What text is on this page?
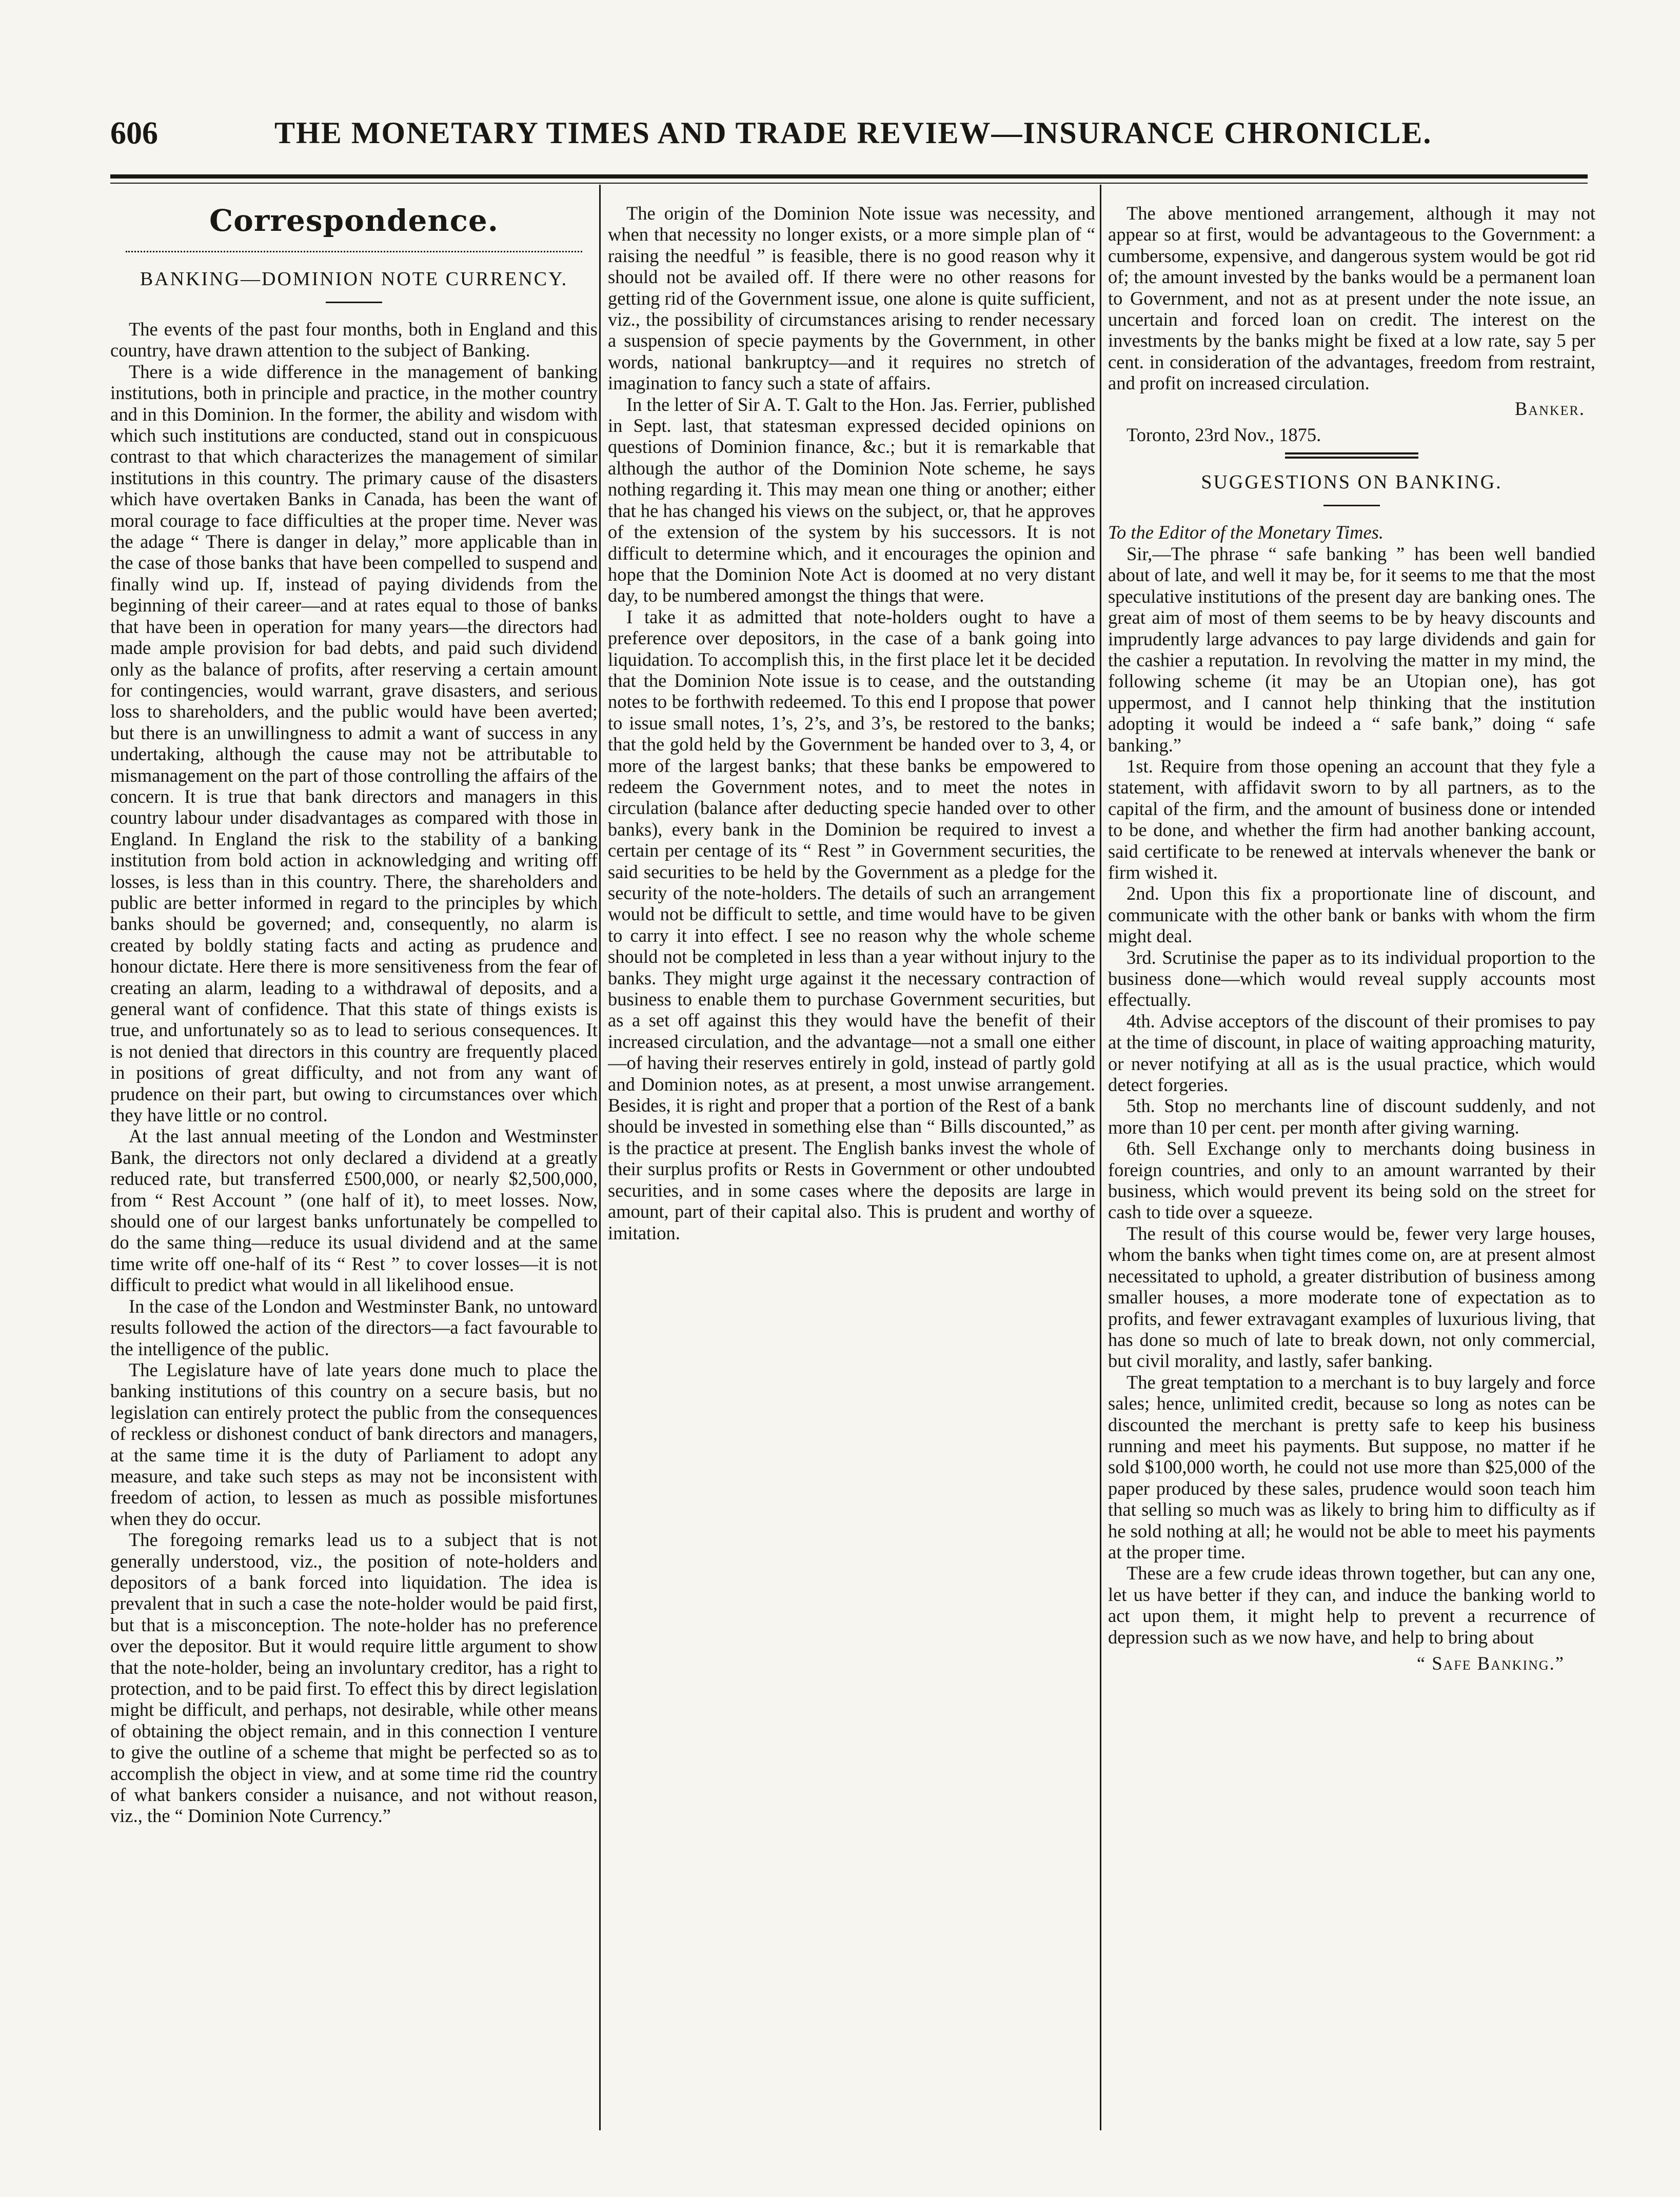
606	THE MONETARY TIMES AND TRADE REVIEW—INSURANCE CHRONICLE.
Correspondence.
BANKING—DOMINION NOTE CURRENCY.

The events of the past four months, both in England and this country, have drawn attention to the subject of Banking.

There is a wide difference in the management of banking institutions, both in principle and practice, in the mother country and in this Dominion. In the former, the ability and wisdom with which such institutions are conducted, stand out in conspicuous contrast to that which characterizes the management of similar institutions in this country. The primary cause of the disasters which have overtaken Banks in Canada, has been the want of moral courage to face difficulties at the proper time. Never was the adage “ There is danger in delay,” more applicable than in the case of those banks that have been compelled to suspend and finally wind up. If, instead of paying dividends from the beginning of their career—and at rates equal to those of banks that have been in operation for many years—the directors had made ample provision for bad debts, and paid such dividend only as the balance of profits, after reserving a certain amount for contingencies, would warrant, grave disasters, and serious loss to shareholders, and the public would have been averted; but there is an unwillingness to admit a want of success in any undertaking, although the cause may not be attributable to mismanagement on the part of those controlling the affairs of the concern. It is true that bank directors and managers in this country labour under disadvantages as compared with those in England. In England the risk to the stability of a banking institution from bold action in acknowledging and writing off losses, is less than in this country. There, the shareholders and public are better informed in regard to the principles by which banks should be governed; and, consequently, no alarm is created by boldly stating facts and acting as prudence and honour dictate. Here there is more sensitiveness from the fear of creating an alarm, leading to a withdrawal of deposits, and a general want of confidence. That this state of things exists is true, and unfortunately so as to lead to serious consequences. It is not denied that directors in this country are frequently placed in positions of great difficulty, and not from any want of prudence on their part, but owing to circumstances over which they have little or no control.

At the last annual meeting of the London and Westminster Bank, the directors not only declared a dividend at a greatly reduced rate, but transferred £500,000, or nearly $2,500,000, from “ Rest Account ” (one half of it), to meet losses. Now, should one of our largest banks unfortunately be compelled to do the same thing—reduce its usual dividend and at the same time write off one-half of its “ Rest ” to cover losses—it is not difficult to predict what would in all likelihood ensue.

In the case of the London and Westminster Bank, no untoward results followed the action of the directors—a fact favourable to the intelligence of the public.

The Legislature have of late years done much to place the banking institutions of this country on a secure basis, but no legislation can entirely protect the public from the consequences of reckless or dishonest conduct of bank directors and managers, at the same time it is the duty of Parliament to adopt any measure, and take such steps as may not be inconsistent with freedom of action, to lessen as much as possible misfortunes when they do occur.

The foregoing remarks lead us to a subject that is not generally understood, viz., the position of note-holders and depositors of a bank forced into liquidation. The idea is prevalent that in such a case the note-holder would be paid first, but that is a misconception. The note-holder has no preference over the depositor. But it would require little argument to show that the note-holder, being an involuntary creditor, has a right to protection, and to be paid first. To effect this by direct legislation might be difficult, and perhaps, not desirable, while other means of obtaining the object remain, and in this connection I venture to give the outline of a scheme that might be perfected so as to accomplish the object in view, and at some time rid the country of what bankers consider a nuisance, and not without reason, viz., the “ Dominion Note Currency.”

The origin of the Dominion Note issue was necessity, and when that necessity no longer exists, or a more simple plan of “ raising the needful ” is feasible, there is no good reason why it should not be availed off. If there were no other reasons for getting rid of the Government issue, one alone is quite sufficient, viz., the possibility of circumstances arising to render necessary a suspension of specie payments by the Government, in other words, national bankruptcy—and it requires no stretch of imagination to fancy such a state of affairs.

In the letter of Sir A. T. Galt to the Hon. Jas. Ferrier, published in Sept. last, that statesman expressed decided opinions on questions of Dominion finance, &c.; but it is remarkable that although the author of the Dominion Note scheme, he says nothing regarding it. This may mean one thing or another; either that he has changed his views on the subject, or, that he approves of the extension of the system by his successors. It is not difficult to determine which, and it encourages the opinion and hope that the Dominion Note Act is doomed at no very distant day, to be numbered amongst the things that were.

I take it as admitted that note-holders ought to have a preference over depositors, in the case of a bank going into liquidation. To accomplish this, in the first place let it be decided that the Dominion Note issue is to cease, and the outstanding notes to be forthwith redeemed. To this end I propose that power to issue small notes, 1’s, 2’s, and 3’s, be restored to the banks; that the gold held by the Government be handed over to 3, 4, or more of the largest banks; that these banks be empowered to redeem the Government notes, and to meet the notes in circulation (balance after deducting specie handed over to other banks), every bank in the Dominion be required to invest a certain per centage of its “ Rest ” in Government securities, the said securities to be held by the Government as a pledge for the security of the note-holders. The details of such an arrangement would not be difficult to settle, and time would have to be given to carry it into effect. I see no reason why the whole scheme should not be completed in less than a year without injury to the banks. They might urge against it the necessary contraction of business to enable them to purchase Government securities, but as a set off against this they would have the benefit of their increased circulation, and the advantage—not a small one either—of having their reserves entirely in gold, instead of partly gold and Dominion notes, as at present, a most unwise arrangement. Besides, it is right and proper that a portion of the Rest of a bank should be invested in something else than “ Bills discounted,” as is the practice at present. The English banks invest the whole of their surplus profits or Rests in Government or other undoubted securities, and in some cases where the deposits are large in amount, part of their capital also. This is prudent and worthy of imitation.

The above mentioned arrangement, although it may not appear so at first, would be advantageous to the Government: a cumbersome, expensive, and dangerous system would be got rid of; the amount invested by the banks would be a permanent loan to Government, and not as at present under the note issue, an uncertain and forced loan on credit. The interest on the investments by the banks might be fixed at a low rate, say 5 per cent. in consideration of the advantages, freedom from restraint, and profit on increased circulation.

Banker.
Toronto, 23rd Nov., 1875.
SUGGESTIONS ON BANKING.
To the Editor of the Monetary Times.

Sir,—The phrase “ safe banking ” has been well bandied about of late, and well it may be, for it seems to me that the most speculative institutions of the present day are banking ones. The great aim of most of them seems to be by heavy discounts and imprudently large advances to pay large dividends and gain for the cashier a reputation. In revolving the matter in my mind, the following scheme (it may be an Utopian one), has got uppermost, and I cannot help thinking that the institution adopting it would be indeed a “ safe bank,” doing “ safe banking.”

1st. Require from those opening an account that they fyle a statement, with affidavit sworn to by all partners, as to the capital of the firm, and the amount of business done or intended to be done, and whether the firm had another banking account, said certificate to be renewed at intervals whenever the bank or firm wished it.

2nd. Upon this fix a proportionate line of discount, and communicate with the other bank or banks with whom the firm might deal.

3rd. Scrutinise the paper as to its individual proportion to the business done—which would reveal supply accounts most effectually.

4th. Advise acceptors of the discount of their promises to pay at the time of discount, in place of waiting approaching maturity, or never notifying at all as is the usual practice, which would detect forgeries.

5th. Stop no merchants line of discount suddenly, and not more than 10 per cent. per month after giving warning.

6th. Sell Exchange only to merchants doing business in foreign countries, and only to an amount warranted by their business, which would prevent its being sold on the street for cash to tide over a squeeze.

The result of this course would be, fewer very large houses, whom the banks when tight times come on, are at present almost necessitated to uphold, a greater distribution of business among smaller houses, a more moderate tone of expectation as to profits, and fewer extravagant examples of luxurious living, that has done so much of late to break down, not only commercial, but civil morality, and lastly, safer banking.

The great temptation to a merchant is to buy largely and force sales; hence, unlimited credit, because so long as notes can be discounted the merchant is pretty safe to keep his business running and meet his payments. But suppose, no matter if he sold $100,000 worth, he could not use more than $25,000 of the paper produced by these sales, prudence would soon teach him that selling so much was as likely to bring him to difficulty as if he sold nothing at all; he would not be able to meet his payments at the proper time.

These are a few crude ideas thrown together, but can any one, let us have better if they can, and induce the banking world to act upon them, it might help to prevent a recurrence of depression such as we now have, and help to bring about

“ Safe Banking.”
